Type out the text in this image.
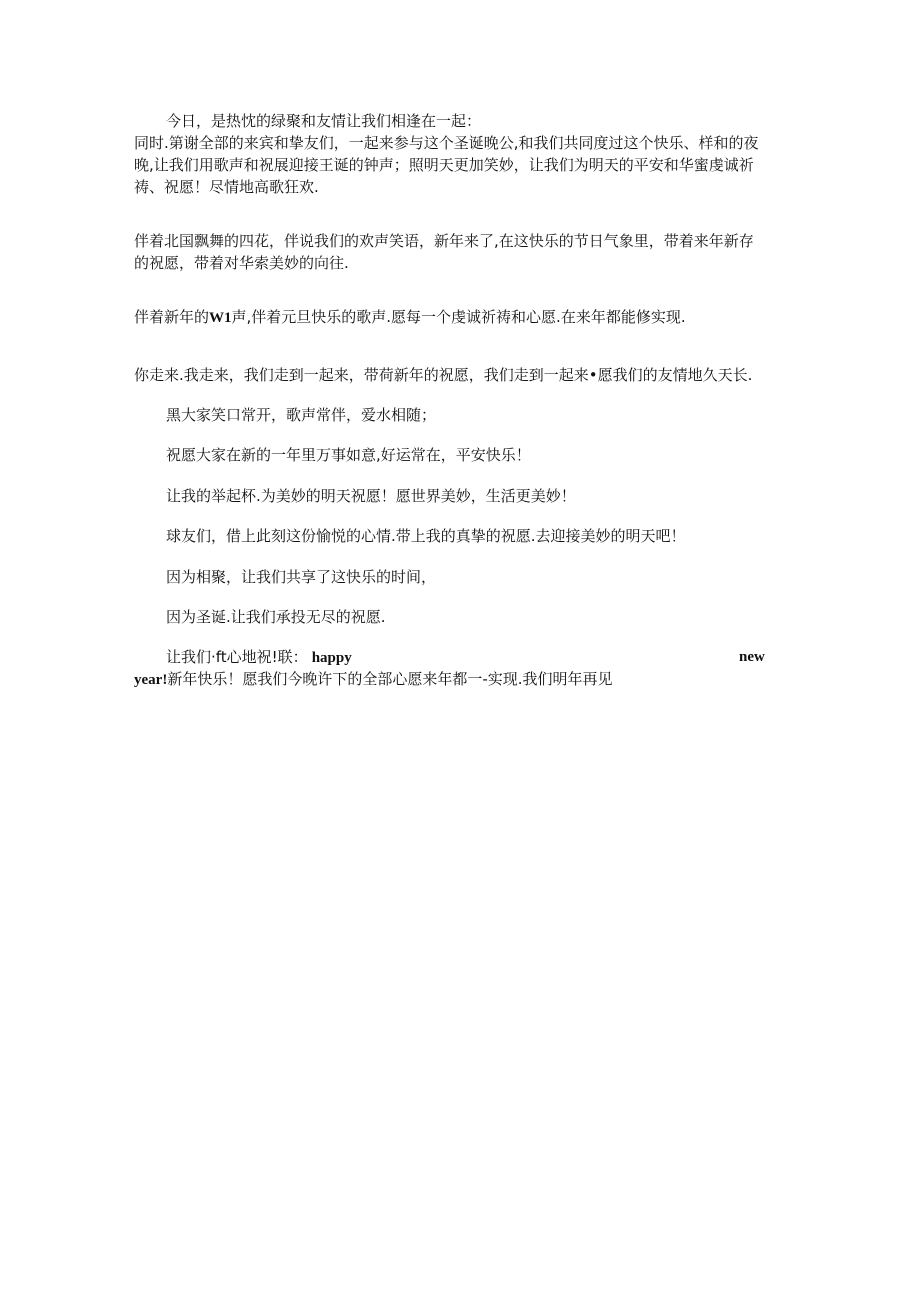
今日，是热忱的绿聚和友情让我们相逢在一起：
同时.第谢全部的来宾和挚友们，一起来参与这个圣诞晚公,和我们共同度过这个快乐、样和的夜
晚,让我们用歌声和祝展迎接王诞的钟声；照明天更加笑妙，让我们为明天的平安和华蜜虔诚祈
祷、祝愿！尽情地高歌狂欢.
伴着北国飘舞的四花，伴说我们的欢声笑语，新年来了,在这快乐的节日气象里，带着来年新存
的祝愿，带着对华索美妙的向往.
伴着新年的W1声,伴着元旦快乐的歌声.愿每一个虔诚祈祷和心愿.在来年都能修实现.
你走来.我走来，我们走到一起来，带荷新年的祝愿，我们走到一起来•愿我们的友情地久天长.
黑大家笑口常开，歌声常伴，爱水相随；
祝愿大家在新的一年里万事如意,好运常在，平安快乐！
让我的举起杯.为美妙的明天祝愿！愿世界美妙，生活更美妙！
球友们，借上此刻这份愉悦的心情.带上我的真挚的祝愿.去迎接美妙的明天吧！
因为相聚，让我们共享了这快乐的时间，
因为圣诞.让我们承投无尽的祝愿.
让我们·ft心地祝!联： happy	new
year!新年快乐！愿我们今晚许下的全部心愿来年都一-实现.我们明年再见
